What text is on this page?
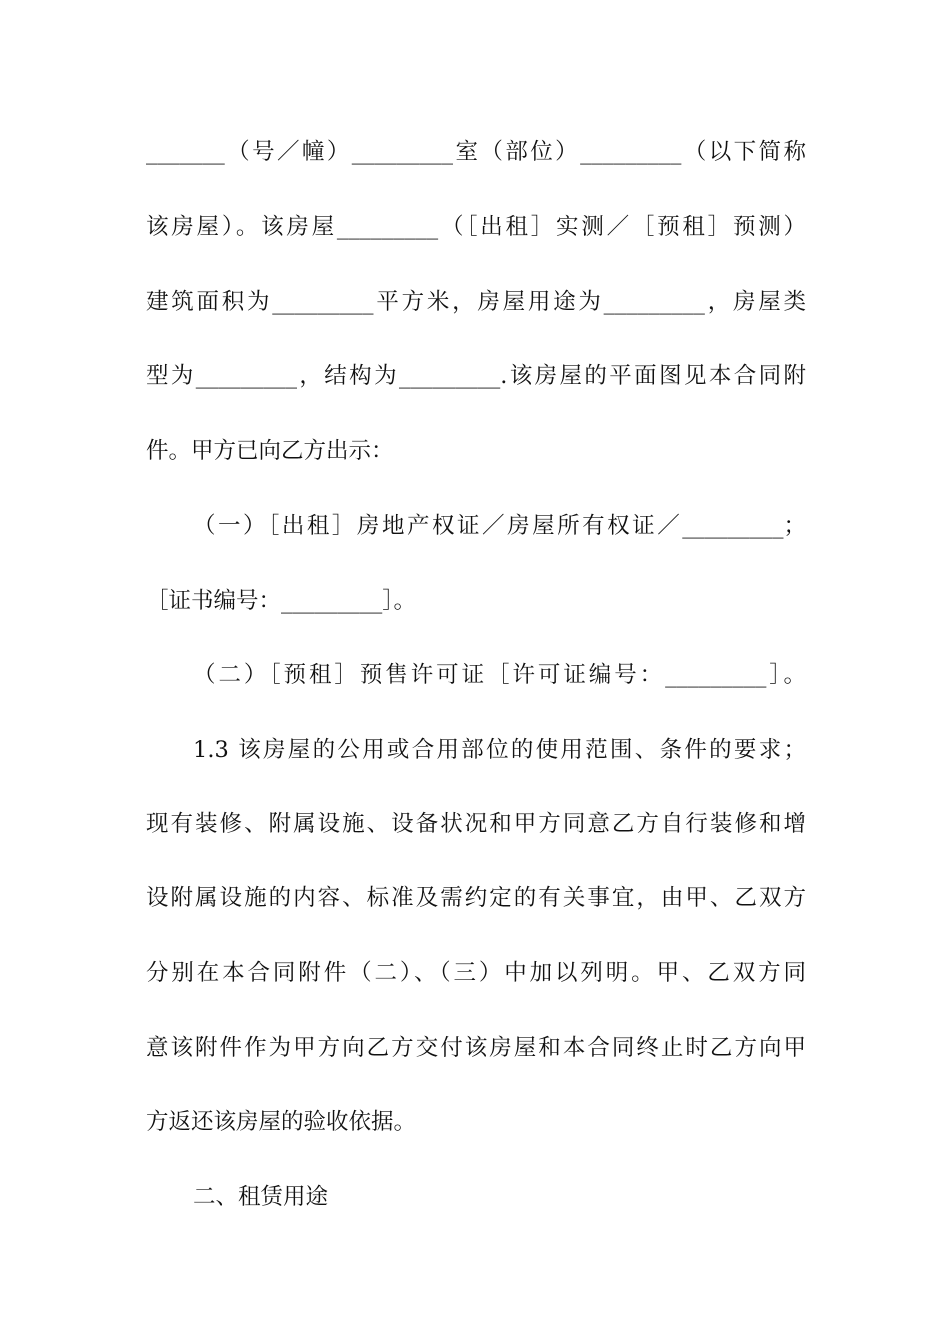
_______（号／幢）_________室（部位）_________（以下简称
该房屋）。该房屋_________（［出租］实测／［预租］预测）
建筑面积为_________平方米，房屋用途为_________，房屋类
型为_________，结构为_________.该房屋的平面图见本合同附
件。甲方已向乙方出示：
（一）［出租］房地产权证／房屋所有权证／_________；
［证书编号：_________］。
（二）［预租］预售许可证［许可证编号：_________］。
1.3 该房屋的公用或合用部位的使用范围、条件的要求；
现有装修、附属设施、设备状况和甲方同意乙方自行装修和增
设附属设施的内容、标准及需约定的有关事宜，由甲、乙双方
分别在本合同附件（二）、（三）中加以列明。甲、乙双方同
意该附件作为甲方向乙方交付该房屋和本合同终止时乙方向甲
方返还该房屋的验收依据。
二、租赁用途
